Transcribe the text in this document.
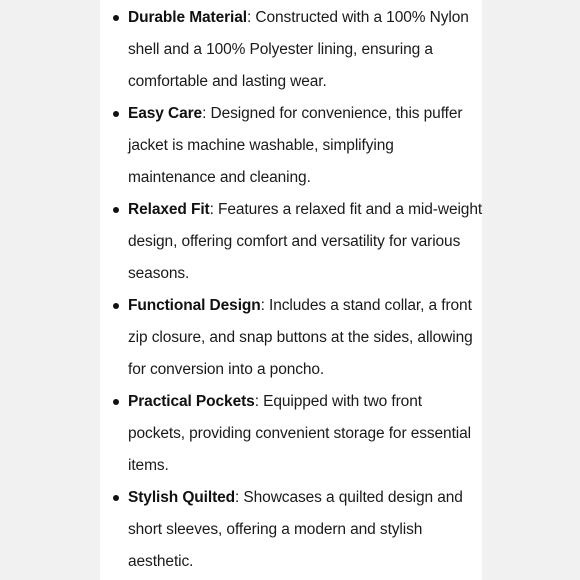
Durable Material: Constructed with a 100% Nylon
shell and a 100% Polyester lining, ensuring a
comfortable and lasting wear.
Easy Care: Designed for convenience, this puffer
jacket is machine washable, simplifying
maintenance and cleaning.
Relaxed Fit: Features a relaxed fit and a mid-weight
design, offering comfort and versatility for various
seasons.
Functional Design: Includes a stand collar, a front
zip closure, and snap buttons at the sides, allowing
for conversion into a poncho.
Practical Pockets: Equipped with two front
pockets, providing convenient storage for essential
items.
Stylish Quilted: Showcases a quilted design and
short sleeves, offering a modern and stylish
aesthetic.
